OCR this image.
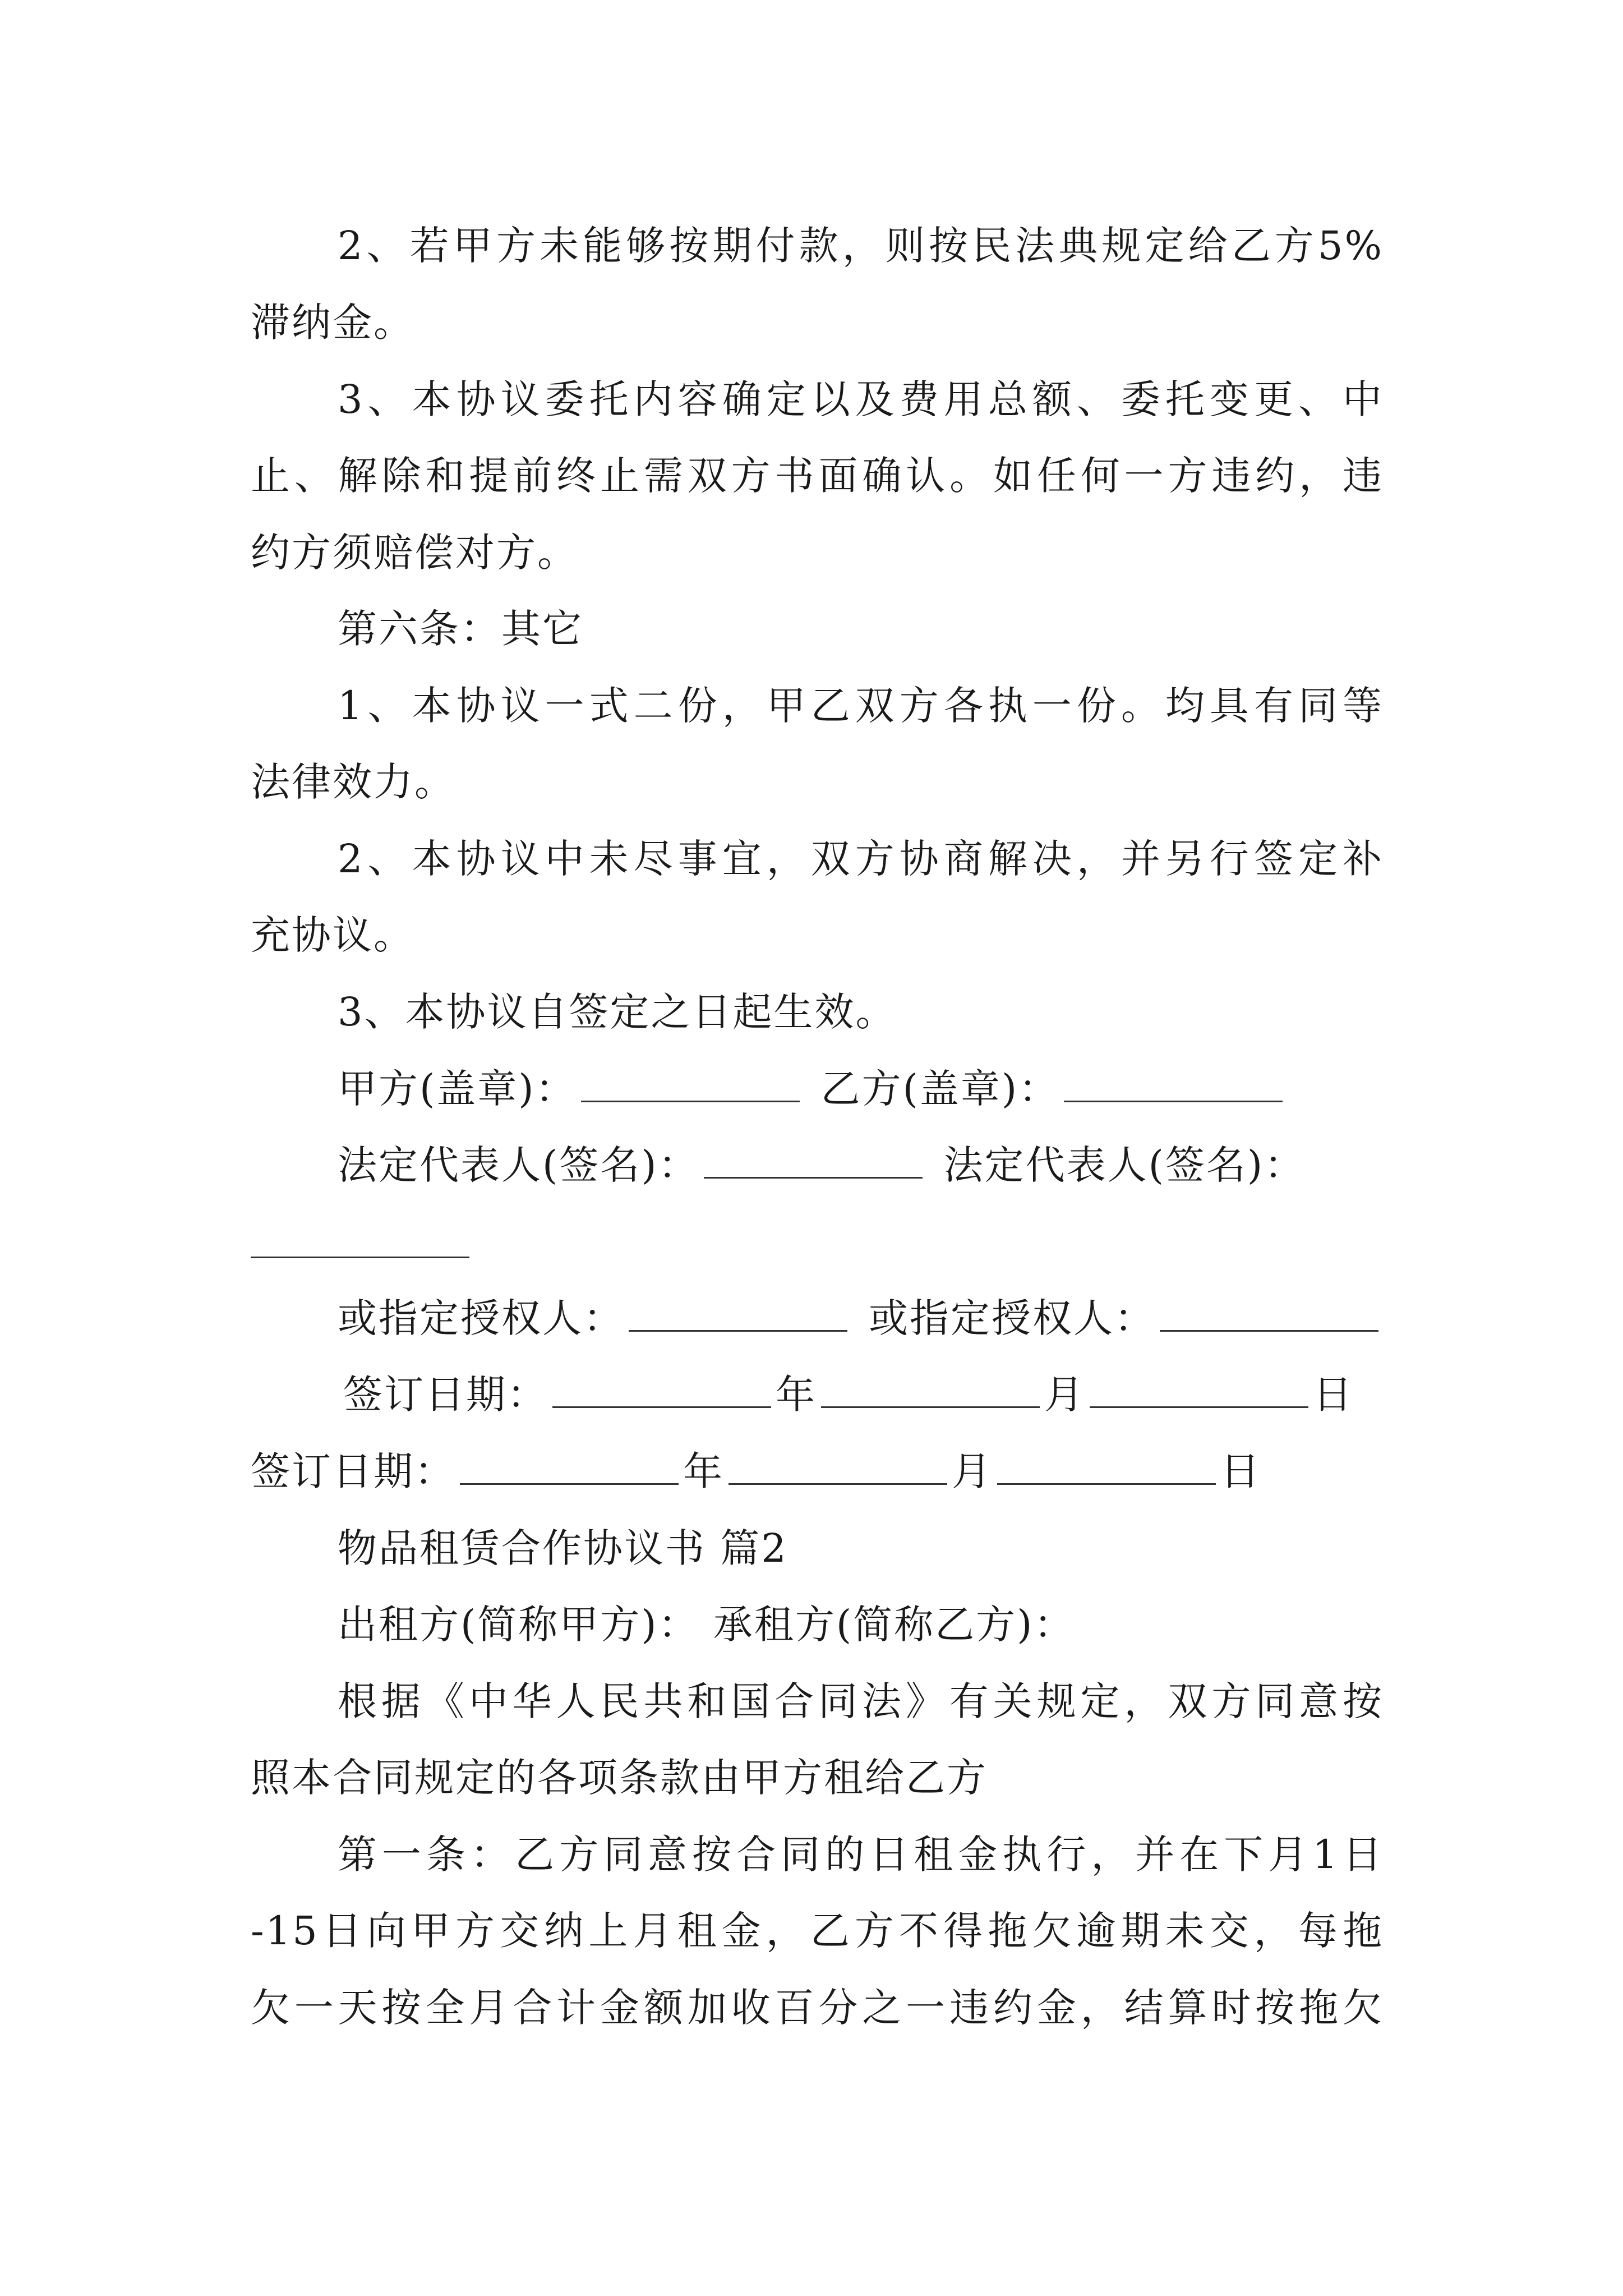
2、若甲方未能够按期付款，则按民法典规定给乙方5%
滞纳金。
3、本协议委托内容确定以及费用总额、委托变更、中
止、解除和提前终止需双方书面确认。如任何一方违约，违
约方须赔偿对方。
第六条：其它
1、本协议一式二份，甲乙双方各执一份。均具有同等
法律效力。
2、本协议中未尽事宜，双方协商解决，并另行签定补
充协议。
3、本协议自签定之日起生效。
甲方(盖章)：	乙方(盖章)：
法定代表人(签名)：	法定代表人(签名)：
或指定授权人：	或指定授权人：
签订日期：	年	月	日
签订日期：	年	月	日
物品租赁合作协议书 篇2
出租方(简称甲方)： 承租方(简称乙方)：
根据《中华人民共和国合同法》有关规定，双方同意按
照本合同规定的各项条款由甲方租给乙方
第一条：乙方同意按合同的日租金执行，并在下月1日
-15日向甲方交纳上月租金，乙方不得拖欠逾期未交，每拖
欠一天按全月合计金额加收百分之一违约金，结算时按拖欠
